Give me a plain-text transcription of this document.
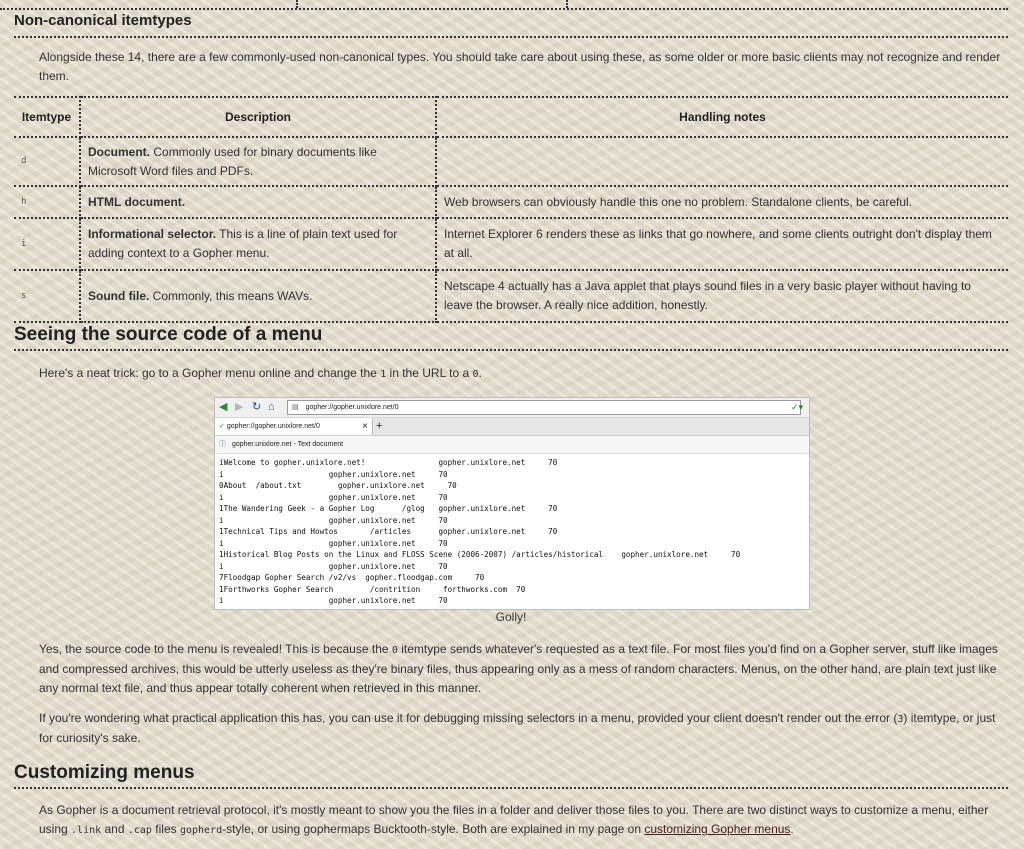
Non-canonical itemtypes

Alongside these 14, there are a few commonly-used non-canonical types. You should take care about using these, as some older or more basic clients may not recognize and render them.

Itemtype	Description	Handling notes
d	Document. Commonly used for binary documents like Microsoft Word files and PDFs.	
h	HTML document.	Web browsers can obviously handle this one no problem. Standalone clients, be careful.
i	Informational selector. This is a line of plain text used for adding context to a Gopher menu.	Internet Explorer 6 renders these as links that go nowhere, and some clients outright don't display them at all.
s	Sound file. Commonly, this means WAVs.	Netscape 4 actually has a Java applet that plays sound files in a very basic player without having to leave the browser. A really nice addition, honestly.
Seeing the source code of a menu

Here's a neat trick: go to a Gopher menu online and change the 1 in the URL to a 0.

◀ ▶ ↻ ⌂	▤ gopher://gopher.unixlore.net/0	✓▾
✓ gopher://gopher.unixlore.net/0	× +
ⓘ gopher.unixlore.net - Text document
iWelcome to gopher.unixlore.net!                gopher.unixlore.net     70
i                       gopher.unixlore.net     70
0About  /about.txt        gopher.unixlore.net     70
i                       gopher.unixlore.net     70
1The Wandering Geek - a Gopher Log      /glog   gopher.unixlore.net     70
i                       gopher.unixlore.net     70
1Technical Tips and Howtos       /articles      gopher.unixlore.net     70
i                       gopher.unixlore.net     70
1Historical Blog Posts on the Linux and FLOSS Scene (2006-2007) /articles/historical    gopher.unixlore.net     70
i                       gopher.unixlore.net     70
7Floodgap Gopher Search /v2/vs  gopher.floodgap.com     70
1Forthworks Gopher Search        /contrition     forthworks.com  70
i                       gopher.unixlore.net     70
Golly!

Yes, the source code to the menu is revealed! This is because the 0 itemtype sends whatever's requested as a text file. For most files you'd find on a Gopher server, stuff like images and compressed archives, this would be utterly useless as they're binary files, thus appearing only as a mess of random characters. Menus, on the other hand, are plain text just like any normal text file, and thus appear totally coherent when retrieved in this manner.

If you're wondering what practical application this has, you can use it for debugging missing selectors in a menu, provided your client doesn't render out the error (3) itemtype, or just for curiosity's sake.

Customizing menus

As Gopher is a document retrieval protocol, it's mostly meant to show you the files in a folder and deliver those files to you. There are two distinct ways to customize a menu, either using .link and .cap files gopherd-style, or using gophermaps Bucktooth-style. Both are explained in my page on customizing Gopher menus.
